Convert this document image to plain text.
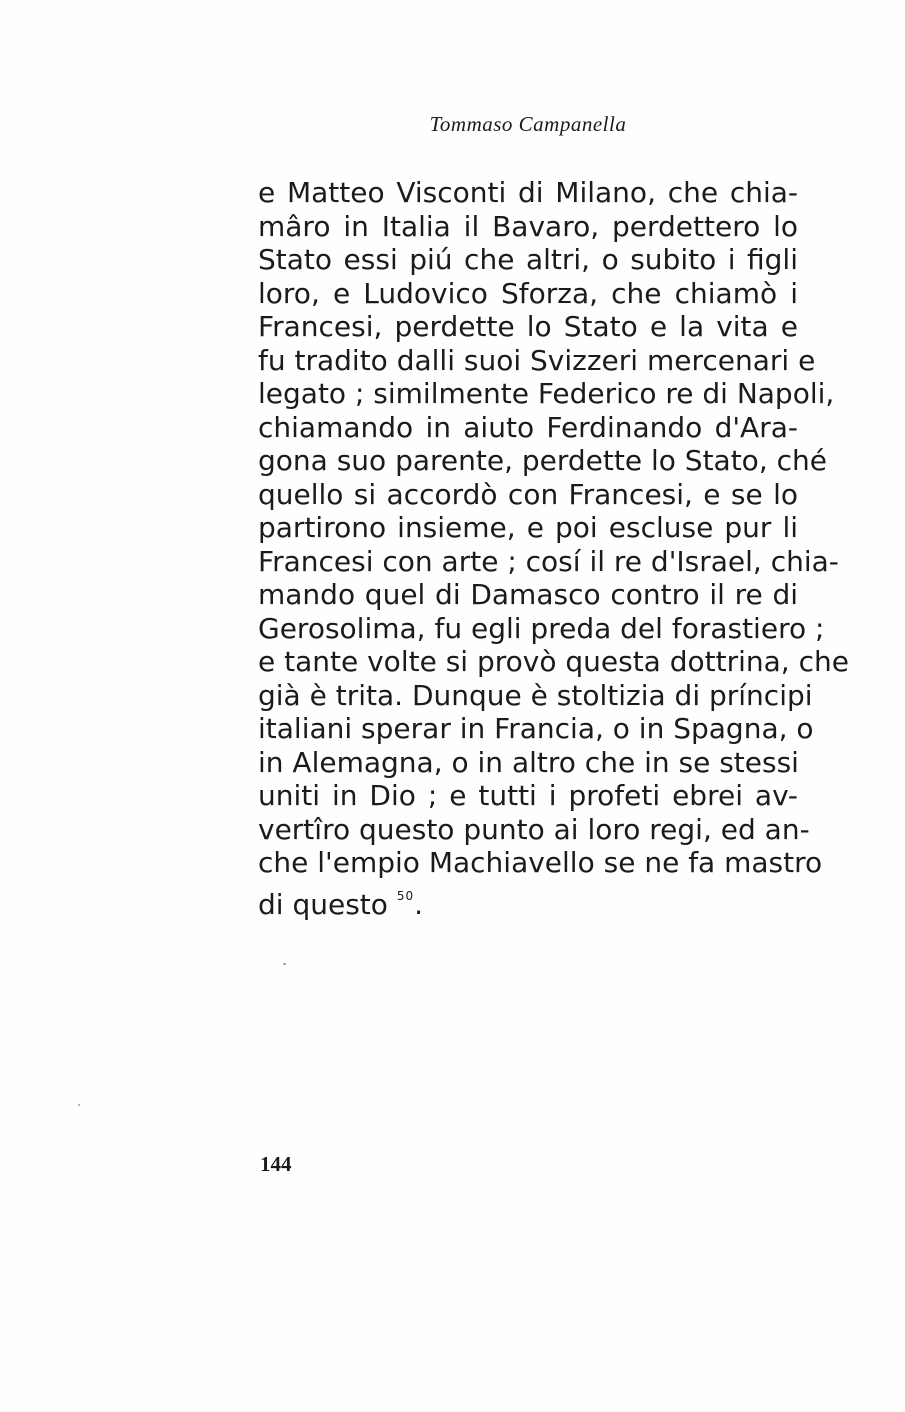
Tommaso Campanella
e Matteo Visconti di Milano, che chia-
mâro in Italia il Bavaro, perdettero lo
Stato essi piú che altri, o subito i figli
loro, e Ludovico Sforza, che chiamò i
Francesi, perdette lo Stato e la vita e
fu tradito dalli suoi Svizzeri mercenari e
legato ; similmente Federico re di Napoli,
chiamando in aiuto Ferdinando d'Ara-
gona suo parente, perdette lo Stato, ché
quello si accordò con Francesi, e se lo
partirono insieme, e poi escluse pur li
Francesi con arte ; cosí il re d'Israel, chia-
mando quel di Damasco contro il re di
Gerosolima, fu egli preda del forastiero ;
e tante volte si provò questa dottrina, che
già è trita. Dunque è stoltizia di príncipi
italiani sperar in Francia, o in Spagna, o
in Alemagna, o in altro che in se stessi
uniti in Dio ; e tutti i profeti ebrei av-
vertîro questo punto ai loro regi, ed an-
che l'empio Machiavello se ne fa mastro
di questo $^{50}$.
144
